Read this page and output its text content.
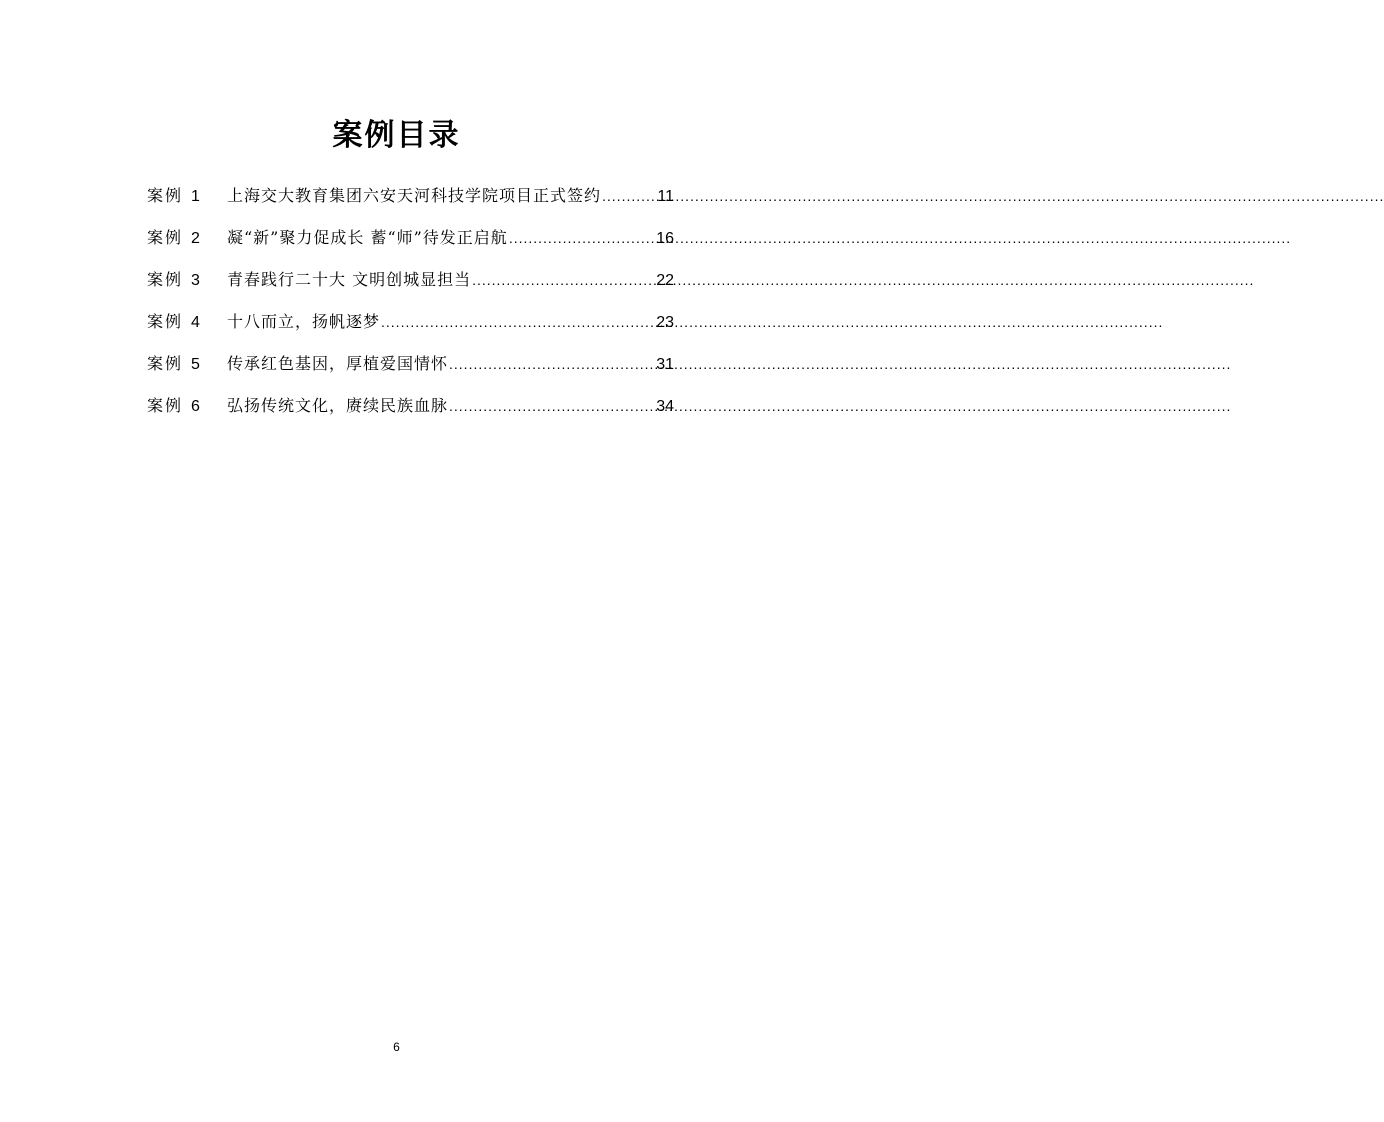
案例目录
案例 1	上海交大教育集团六安天河科技学院项目正式签约 .....	11
案例 2	凝“新”聚力促成长 蓄“师”待发正启航 .....	16
案例 3	青春践行二十大 文明创城显担当 .....	22
案例 4	十八而立，扬帆逐梦 .....	23
案例 5	传承红色基因，厚植爱国情怀 .....	31
案例 6	弘扬传统文化，赓续民族血脉 .....	34
6
